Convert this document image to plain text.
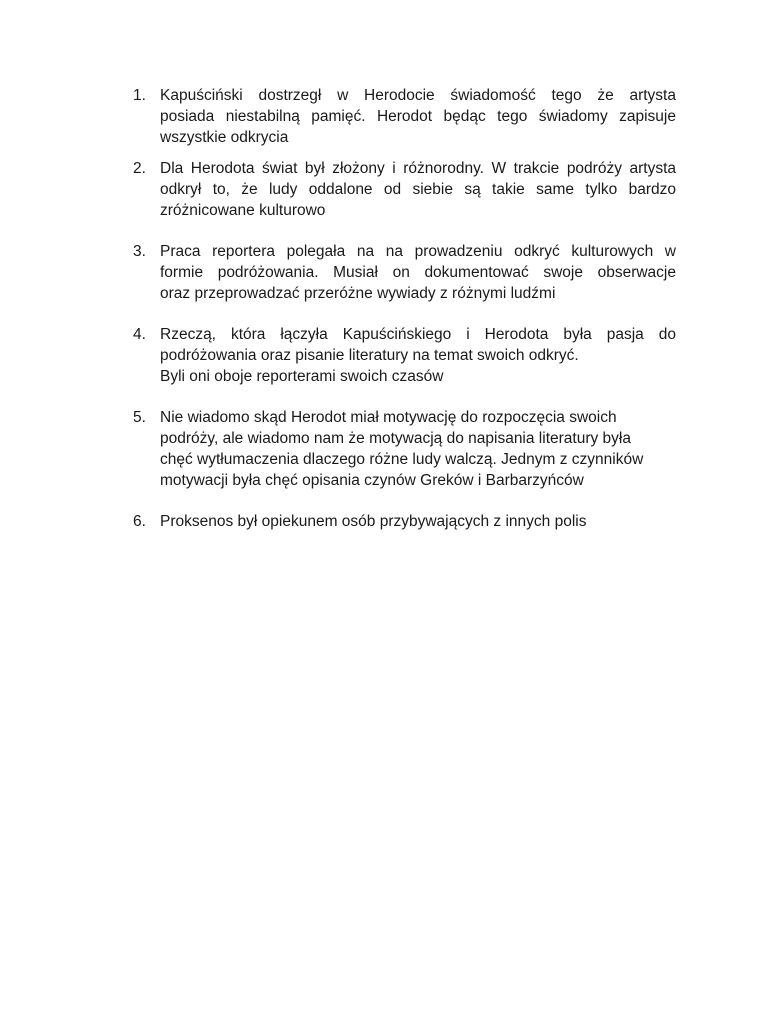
1. Kapuściński dostrzegł w Herodocie świadomość tego że artysta
posiada niestabilną pamięć. Herodot będąc tego świadomy zapisuje
wszystkie odkrycia
2. Dla Herodota świat był złożony i różnorodny. W trakcie podróży artysta
odkrył to, że ludy oddalone od siebie są takie same tylko bardzo
zróżnicowane kulturowo
3. Praca reportera polegała na na prowadzeniu odkryć kulturowych w
formie podróżowania. Musiał on dokumentować swoje obserwacje
oraz przeprowadzać przeróżne wywiady z różnymi ludźmi
4. Rzeczą, która łączyła Kapuścińskiego i Herodota była pasja do
podróżowania oraz pisanie literatury na temat swoich odkryć.
Byli oni oboje reporterami swoich czasów
5. Nie wiadomo skąd Herodot miał motywację do rozpoczęcia swoich
podróży, ale wiadomo nam że motywacją do napisania literatury była
chęć wytłumaczenia dlaczego różne ludy walczą. Jednym z czynników
motywacji była chęć opisania czynów Greków i Barbarzyńców
6. Proksenos był opiekunem osób przybywających z innych polis
